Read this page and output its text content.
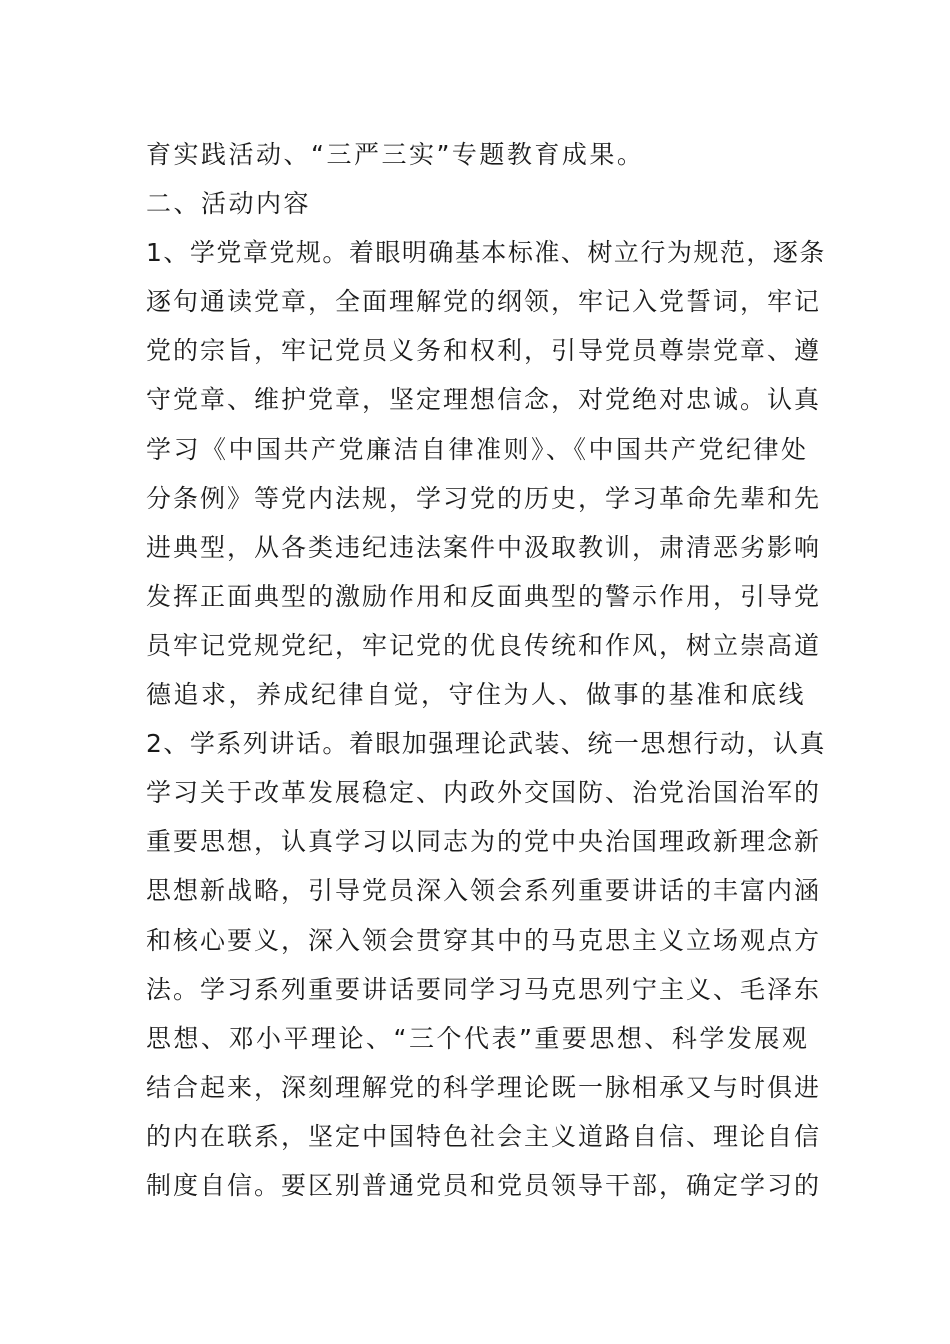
育实践活动、“三严三实”专题教育成果。
二、活动内容
1、学党章党规。着眼明确基本标准、树立行为规范，逐条
逐句通读党章，全面理解党的纲领，牢记入党誓词，牢记
党的宗旨，牢记党员义务和权利，引导党员尊崇党章、遵
守党章、维护党章，坚定理想信念，对党绝对忠诚。认真
学习《中国共产党廉洁自律准则》、《中国共产党纪律处
分条例》等党内法规，学习党的历史，学习革命先辈和先
进典型，从各类违纪违法案件中汲取教训，肃清恶劣影响
发挥正面典型的激励作用和反面典型的警示作用，引导党
员牢记党规党纪，牢记党的优良传统和作风，树立崇高道
德追求，养成纪律自觉，守住为人、做事的基准和底线
2、学系列讲话。着眼加强理论武装、统一思想行动，认真
学习关于改革发展稳定、内政外交国防、治党治国治军的
重要思想，认真学习以同志为的党中央治国理政新理念新
思想新战略，引导党员深入领会系列重要讲话的丰富内涵
和核心要义，深入领会贯穿其中的马克思主义立场观点方
法。学习系列重要讲话要同学习马克思列宁主义、毛泽东
思想、邓小平理论、“三个代表”重要思想、科学发展观
结合起来，深刻理解党的科学理论既一脉相承又与时俱进
的内在联系，坚定中国特色社会主义道路自信、理论自信
制度自信。要区别普通党员和党员领导干部，确定学习的
